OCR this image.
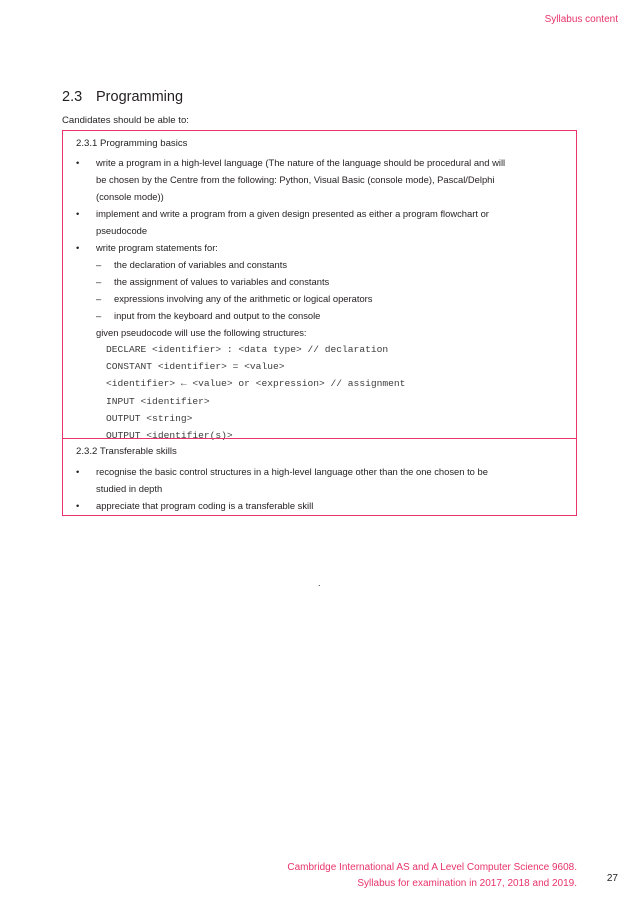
Syllabus content
2.3 Programming
Candidates should be able to:
2.3.1 Programming basics
• write a program in a high-level language (The nature of the language should be procedural and will
be chosen by the Centre from the following: Python, Visual Basic (console mode), Pascal/Delphi
(console mode))
• implement and write a program from a given design presented as either a program flowchart or
pseudocode
• write program statements for:
– the declaration of variables and constants
– the assignment of values to variables and constants
– expressions involving any of the arithmetic or logical operators
– input from the keyboard and output to the console
given pseudocode will use the following structures:
DECLARE <identifier> : <data type> // declaration
CONSTANT <identifier> = <value>
<identifier> ← <value> or <expression> // assignment
INPUT <identifier>
OUTPUT <string>
OUTPUT <identifier(s)>
2.3.2 Transferable skills
• recognise the basic control structures in a high-level language other than the one chosen to be
studied in depth
• appreciate that program coding is a transferable skill
.
Cambridge International AS and A Level Computer Science 9608.
Syllabus for examination in 2017, 2018 and 2019.	27
